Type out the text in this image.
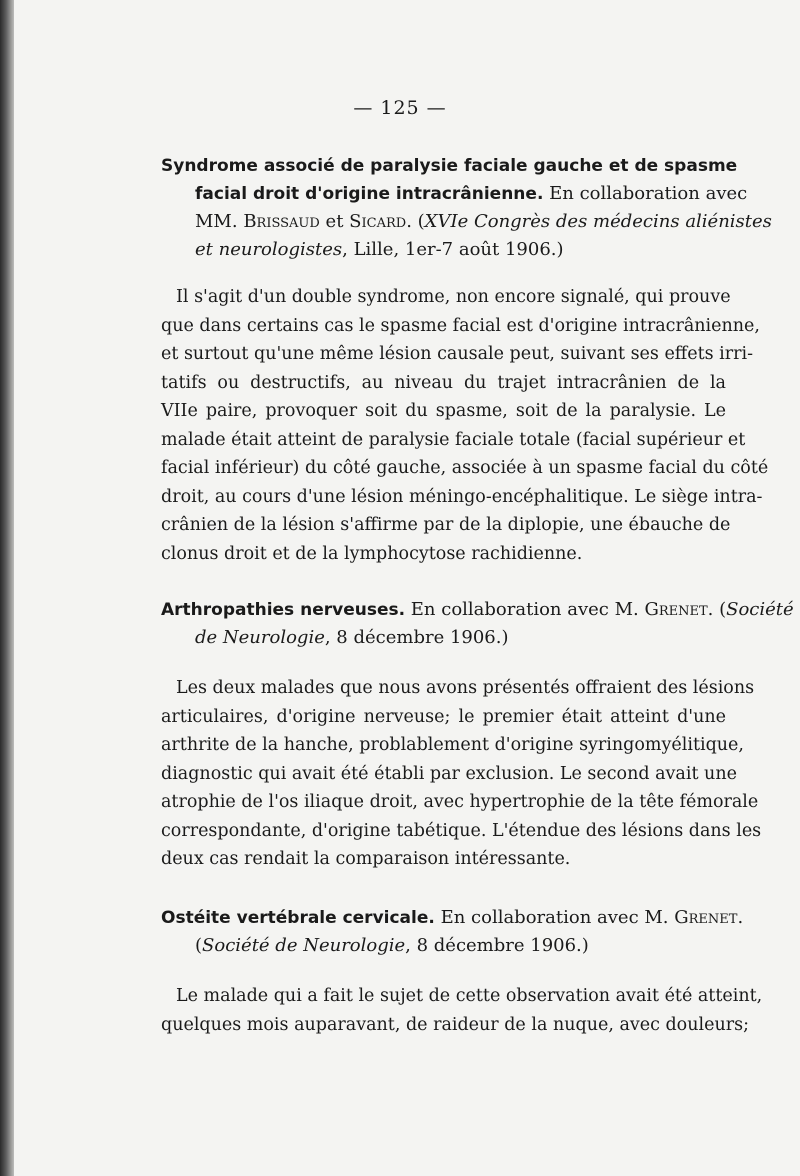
— 125 —
Syndrome associé de paralysie faciale gauche et de spasme
facial droit d'origine intracrânienne. En collaboration avec
MM. Brissaud et Sicard. (XVIe Congrès des médecins aliénistes
et neurologistes, Lille, 1er-7 août 1906.)
Il s'agit d'un double syndrome, non encore signalé, qui prouve
que dans certains cas le spasme facial est d'origine intracrânienne,
et surtout qu'une même lésion causale peut, suivant ses effets irri-
tatifs ou destructifs, au niveau du trajet intracrânien de la
VIIe paire, provoquer soit du spasme, soit de la paralysie. Le
malade était atteint de paralysie faciale totale (facial supérieur et
facial inférieur) du côté gauche, associée à un spasme facial du côté
droit, au cours d'une lésion méningo-encéphalitique. Le siège intra-
crânien de la lésion s'affirme par de la diplopie, une ébauche de
clonus droit et de la lymphocytose rachidienne.
Arthropathies nerveuses. En collaboration avec M. Grenet. (Société
de Neurologie, 8 décembre 1906.)
Les deux malades que nous avons présentés offraient des lésions
articulaires, d'origine nerveuse; le premier était atteint d'une
arthrite de la hanche, problablement d'origine syringomyélitique,
diagnostic qui avait été établi par exclusion. Le second avait une
atrophie de l'os iliaque droit, avec hypertrophie de la tête fémorale
correspondante, d'origine tabétique. L'étendue des lésions dans les
deux cas rendait la comparaison intéressante.
Ostéite vertébrale cervicale. En collaboration avec M. Grenet.
(Société de Neurologie, 8 décembre 1906.)
Le malade qui a fait le sujet de cette observation avait été atteint,
quelques mois auparavant, de raideur de la nuque, avec douleurs;
